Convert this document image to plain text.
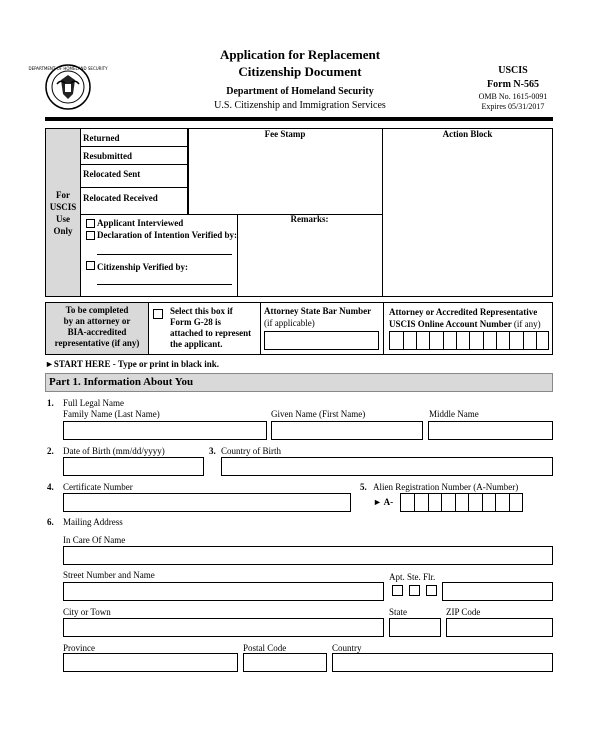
DEPARTMENT OF HOMELAND SECURITY
Application for Replacement
Citizenship Document
Department of Homeland Security
U.S. Citizenship and Immigration Services
USCIS
Form N-565
OMB No. 1615-0091
Expires 05/31/2017
For
USCIS
Use
Only
Returned
Resubmitted
Relocated Sent
Relocated Received
Fee Stamp	Action Block
Applicant Interviewed
Declaration of Intention Verified by:
Citizenship Verified by:
Remarks:
To be completed
by an attorney or
BIA-accredited
representative (if any)
Select this box if
Form G-28 is
attached to represent
the applicant.
Attorney State Bar Number
(if applicable)
Attorney or Accredited Representative
USCIS Online Account Number (if any)
►START HERE - Type or print in black ink.
Part 1. Information About You
1. Full Legal Name
Family Name (Last Name)	Given Name (First Name)	Middle Name
2. Date of Birth (mm/dd/yyyy)	3. Country of Birth
4. Certificate Number	5. Alien Registration Number (A-Number)
► A-
6. Mailing Address
In Care Of Name
Street Number and Name	Apt. Ste. Flr.
City or Town	State	ZIP Code
Province	Postal Code	Country
